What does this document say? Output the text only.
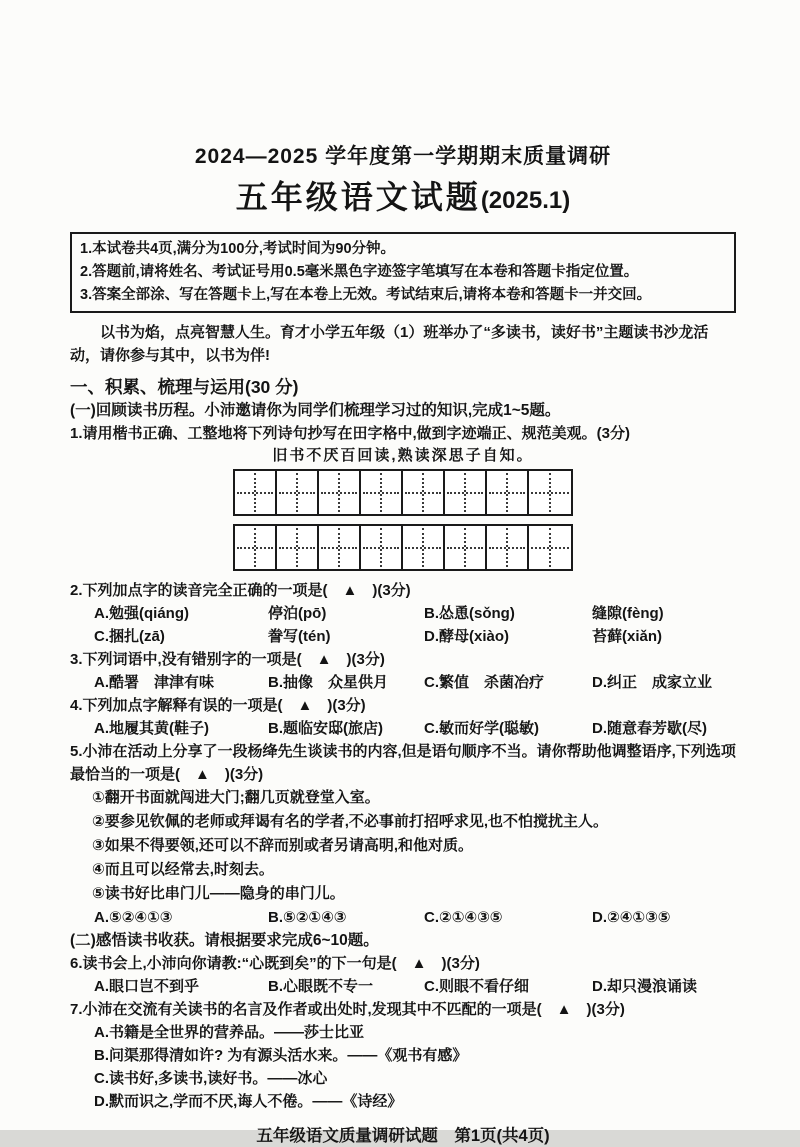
2024—2025 学年度第一学期期末质量调研
五年级语文试题(2025.1)
1.本试卷共4页,满分为100分,考试时间为90分钟。
2.答题前,请将姓名、考试证号用0.5毫米黑色字迹签字笔填写在本卷和答题卡指定位置。
3.答案全部涂、写在答题卡上,写在本卷上无效。考试结束后,请将本卷和答题卡一并交回。

以书为焰，点亮智慧人生。育才小学五年级（1）班举办了“多读书，读好书”主题读书沙龙活动，请你参与其中，以书为伴!

一、积累、梳理与运用(30 分)
(一)回顾读书历程。小沛邀请你为同学们梳理学习过的知识,完成1~5题。
1.请用楷书正确、工整地将下列诗句抄写在田字格中,做到字迹端正、规范美观。(3分)
旧书不厌百回读,熟读深思子自知。
2.下列加点字的读音完全正确的一项是(　▲　)(3分)
A.勉强(qiáng)	停泊(pō)	B.怂恿(sǒng)	缝隙(fèng)
C.捆扎(zā)	誊写(tén)	D.酵母(xiào)	苔藓(xiǎn)
3.下列词语中,没有错别字的一项是(　▲　)(3分)
A.酷署　津津有味	B.抽像　众星供月	C.繁值　杀菌冶疗	D.纠正　成家立业
4.下列加点字解释有误的一项是(　▲　)(3分)
A.地履其黄(鞋子)	B.题临安邸(旅店)	C.敏而好学(聪敏)	D.随意春芳歇(尽)
5.小沛在活动上分享了一段杨绛先生谈读书的内容,但是语句顺序不当。请你帮助他调整语序,下列选项最恰当的一项是(　▲　)(3分)
①翻开书面就闯进大门;翻几页就登堂入室。
②要参见钦佩的老师或拜谒有名的学者,不必事前打招呼求见,也不怕搅扰主人。
③如果不得要领,还可以不辞而别或者另请高明,和他对质。
④而且可以经常去,时刻去。
⑤读书好比串门儿——隐身的串门儿。
A.⑤②④①③	B.⑤②①④③	C.②①④③⑤	D.②④①③⑤
(二)感悟读书收获。请根据要求完成6~10题。
6.读书会上,小沛向你请教:“心既到矣”的下一句是(　▲　)(3分)
A.眼口岂不到乎	B.心眼既不专一	C.则眼不看仔细	D.却只漫浪诵读
7.小沛在交流有关读书的名言及作者或出处时,发现其中不匹配的一项是(　▲　)(3分)
A.书籍是全世界的营养品。——莎士比亚
B.问渠那得清如许? 为有源头活水来。——《观书有感》
C.读书好,多读书,读好书。——冰心
D.默而识之,学而不厌,诲人不倦。——《诗经》
五年级语文质量调研试题　第1页(共4页)
